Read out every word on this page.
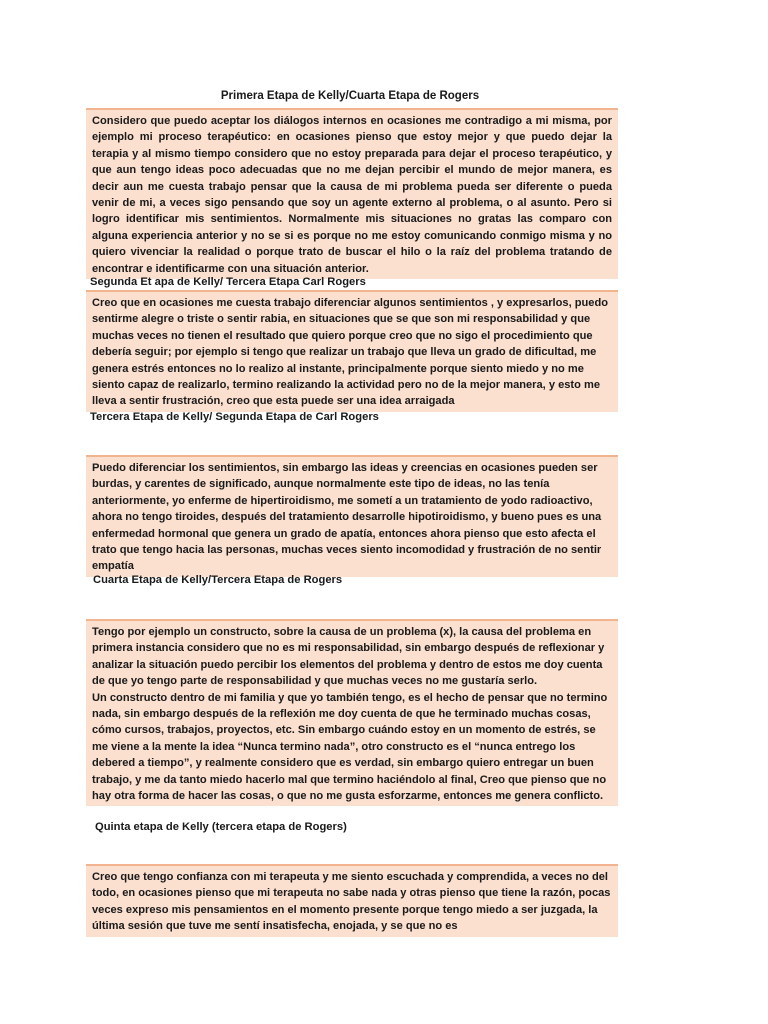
Primera Etapa de Kelly/Cuarta Etapa de Rogers

Considero que puedo aceptar los diálogos internos en ocasiones me contradigo a mi misma, por ejemplo mi proceso terapéutico: en ocasiones pienso que estoy mejor y que puedo dejar la terapia y al mismo tiempo considero que no estoy preparada para dejar el proceso terapéutico, y que aun tengo ideas poco adecuadas que no me dejan percibir el mundo de mejor manera, es decir aun me cuesta trabajo pensar que la causa de mi problema pueda ser diferente o pueda venir de mi, a veces sigo pensando que soy un agente externo al problema, o al asunto. Pero si logro identificar mis sentimientos. Normalmente mis situaciones no gratas las comparo con alguna experiencia anterior y no se si es porque no me estoy comunicando conmigo misma y no quiero vivenciar la realidad o porque trato de buscar el hilo o la raíz del problema tratando de encontrar e identificarme con una situación anterior.

Segunda Et apa de Kelly/ Tercera Etapa Carl Rogers

Creo que en ocasiones me cuesta trabajo diferenciar algunos sentimientos , y expresarlos, puedo sentirme alegre o triste o sentir rabia, en situaciones que se que son mi responsabilidad y que muchas veces no tienen el resultado que quiero porque creo que no sigo el procedimiento que debería seguir; por ejemplo si tengo que realizar un trabajo que lleva un grado de dificultad, me genera estrés entonces no lo realizo al instante, principalmente porque siento miedo y no me siento capaz de realizarlo, termino realizando la actividad pero no de la mejor manera, y esto me lleva a sentir frustración, creo que esta puede ser una idea arraigada

Tercera Etapa de Kelly/ Segunda Etapa de Carl Rogers

Puedo diferenciar los sentimientos, sin embargo las ideas y creencias en ocasiones pueden ser burdas, y carentes de significado, aunque normalmente este tipo de ideas, no las tenía anteriormente, yo enferme de hipertiroidismo, me sometí a un tratamiento de yodo radioactivo, ahora no tengo tiroides, después del tratamiento desarrolle hipotiroidismo, y bueno pues es una enfermedad hormonal que genera un grado de apatía, entonces ahora pienso que esto afecta el trato que tengo hacia las personas, muchas veces siento incomodidad y frustración de no sentir empatía

Cuarta Etapa de Kelly/Tercera Etapa de Rogers

Tengo por ejemplo un constructo, sobre la causa de un problema (x), la causa del problema en primera instancia considero que no es mi responsabilidad, sin embargo después de reflexionar y analizar la situación puedo percibir los elementos del problema y dentro de estos me doy cuenta de que yo tengo parte de responsabilidad y que muchas veces no me gustaría serlo.

Un constructo dentro de mi familia y que yo también tengo, es el hecho de pensar que no termino nada, sin embargo después de la reflexión me doy cuenta de que he terminado muchas cosas, cómo cursos, trabajos, proyectos, etc. Sin embargo cuándo estoy en un momento de estrés, se me viene a la mente la idea “Nunca termino nada”, otro constructo es el “nunca entrego los debered a tiempo”, y realmente considero que es verdad, sin embargo quiero entregar un buen trabajo, y me da tanto miedo hacerlo mal que termino haciéndolo al final, Creo que pienso que no hay otra forma de hacer las cosas, o que no me gusta esforzarme, entonces me genera conflicto.

Quinta etapa de Kelly (tercera etapa de Rogers)

Creo que tengo confianza con mi terapeuta y me siento escuchada y comprendida, a veces no del todo, en ocasiones pienso que mi terapeuta no sabe nada y otras pienso que tiene la razón, pocas veces expreso mis pensamientos en el momento presente porque tengo miedo a ser juzgada, la última sesión que tuve me sentí insatisfecha, enojada, y se que no es
